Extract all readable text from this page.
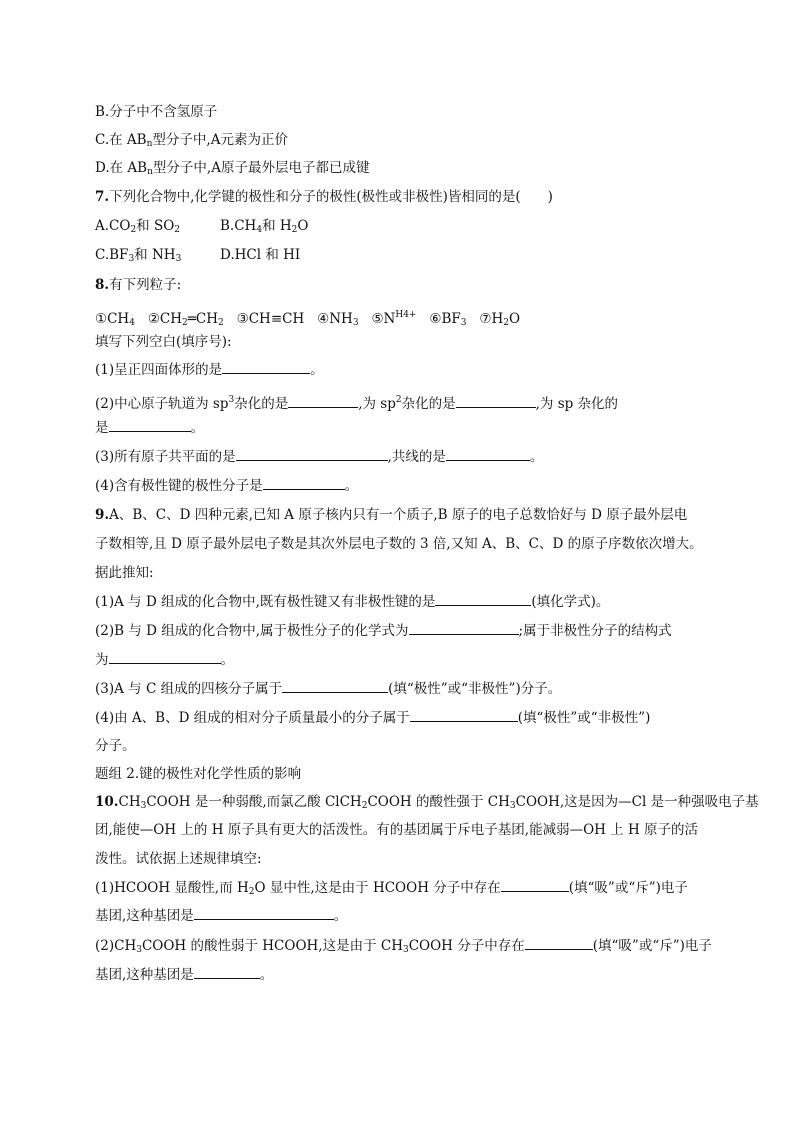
B.分子中不含氢原子
C.在 $AB_n$型分子中,A元素为正价
D.在 $AB_n$型分子中,A原子最外层电子都已成键
7.下列化合物中,化学键的极性和分子的极性(极性或非极性)皆相同的是(　　)
$A.CO_2$和 $SO_2$	$B.CH_4$和 $H_2O$
$C.BF_3$和 $NH_3$	D.HCl 和 HI
8.有下列粒子:
$①CH_4$ $②CH_2═CH_2$ ③CH≡CH $④NH_3$ $⑤N^{H4+}$ $⑥BF_3$ $⑦H_2O$
填写下列空白(填序号):
(1)呈正四面体形的是	。
(2)中心原子轨道为 $sp^3$杂化的是	,为 $sp^2$杂化的是	,为 sp 杂化的
是	。
(3)所有原子共平面的是	,共线的是	。
(4)含有极性键的极性分子是	。
9.A、B、C、D 四种元素,已知 A 原子核内只有一个质子,B 原子的电子总数恰好与 D 原子最外层电
子数相等,且 D 原子最外层电子数是其次外层电子数的 3 倍,又知 A、B、C、D 的原子序数依次增大。
据此推知:
(1)A 与 D 组成的化合物中,既有极性键又有非极性键的是	(填化学式)。
(2)B 与 D 组成的化合物中,属于极性分子的化学式为	;属于非极性分子的结构式
为	。
(3)A 与 C 组成的四核分子属于	(填“极性”或“非极性”)分子。
(4)由 A、B、D 组成的相对分子质量最小的分子属于	(填“极性”或“非极性”)
分子。
题组 2.键的极性对化学性质的影响
$10.CH_3COOH$ 是一种弱酸,而氯乙酸 ClCH$_2$COOH 的酸性强于 $CH_3COOH$,这是因为—Cl 是一种强吸电子基
团,能使—OH 上的 H 原子具有更大的活泼性。有的基团属于斥电子基团,能减弱—OH 上 H 原子的活
泼性。试依据上述规律填空:
(1)HCOOH 显酸性,而 $H_2O$ 显中性,这是由于 HCOOH 分子中存在	(填“吸”或“斥”)电子
基团,这种基团是	。
$(2)CH_3COOH$ 的酸性弱于 HCOOH,这是由于 $CH_3COOH$ 分子中存在	(填“吸”或“斥”)电子
基团,这种基团是	。
